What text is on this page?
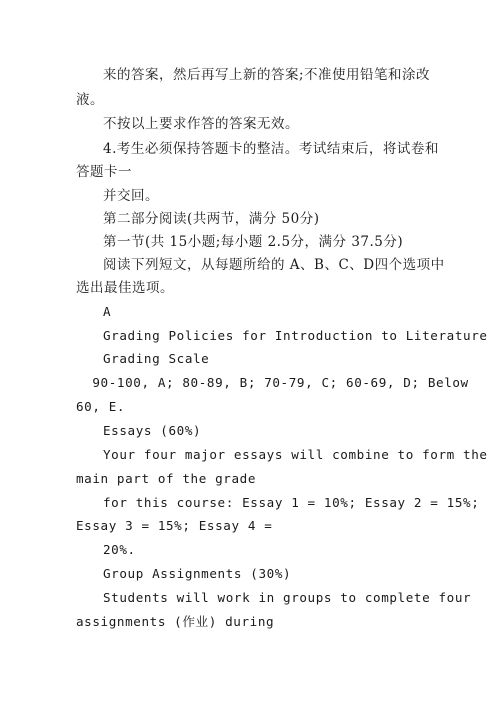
来的答案，然后再写上新的答案;不准使用铅笔和涂改
液。
不按以上要求作答的答案无效。
4.考生必须保持答题卡的整洁。考试结束后，将试卷和
答题卡一
并交回。
第二部分阅读(共两节，满分 50分)
第一节(共 15小题;每小题 2.5分，满分 37.5分)
阅读下列短文，从每题所给的 A、B、C、D四个选项中
选出最佳选项。
A
Grading Policies for Introduction to Literature
Grading Scale
90-100, A; 80-89, B; 70-79, C; 60-69, D; Below
60, E.
Essays (60%)
Your four major essays will combine to form the
main part of the grade
for this course: Essay 1 = 10%; Essay 2 = 15%;
Essay 3 = 15%; Essay 4 =
20%.
Group Assignments (30%)
Students will work in groups to complete four
assignments (作业) during
